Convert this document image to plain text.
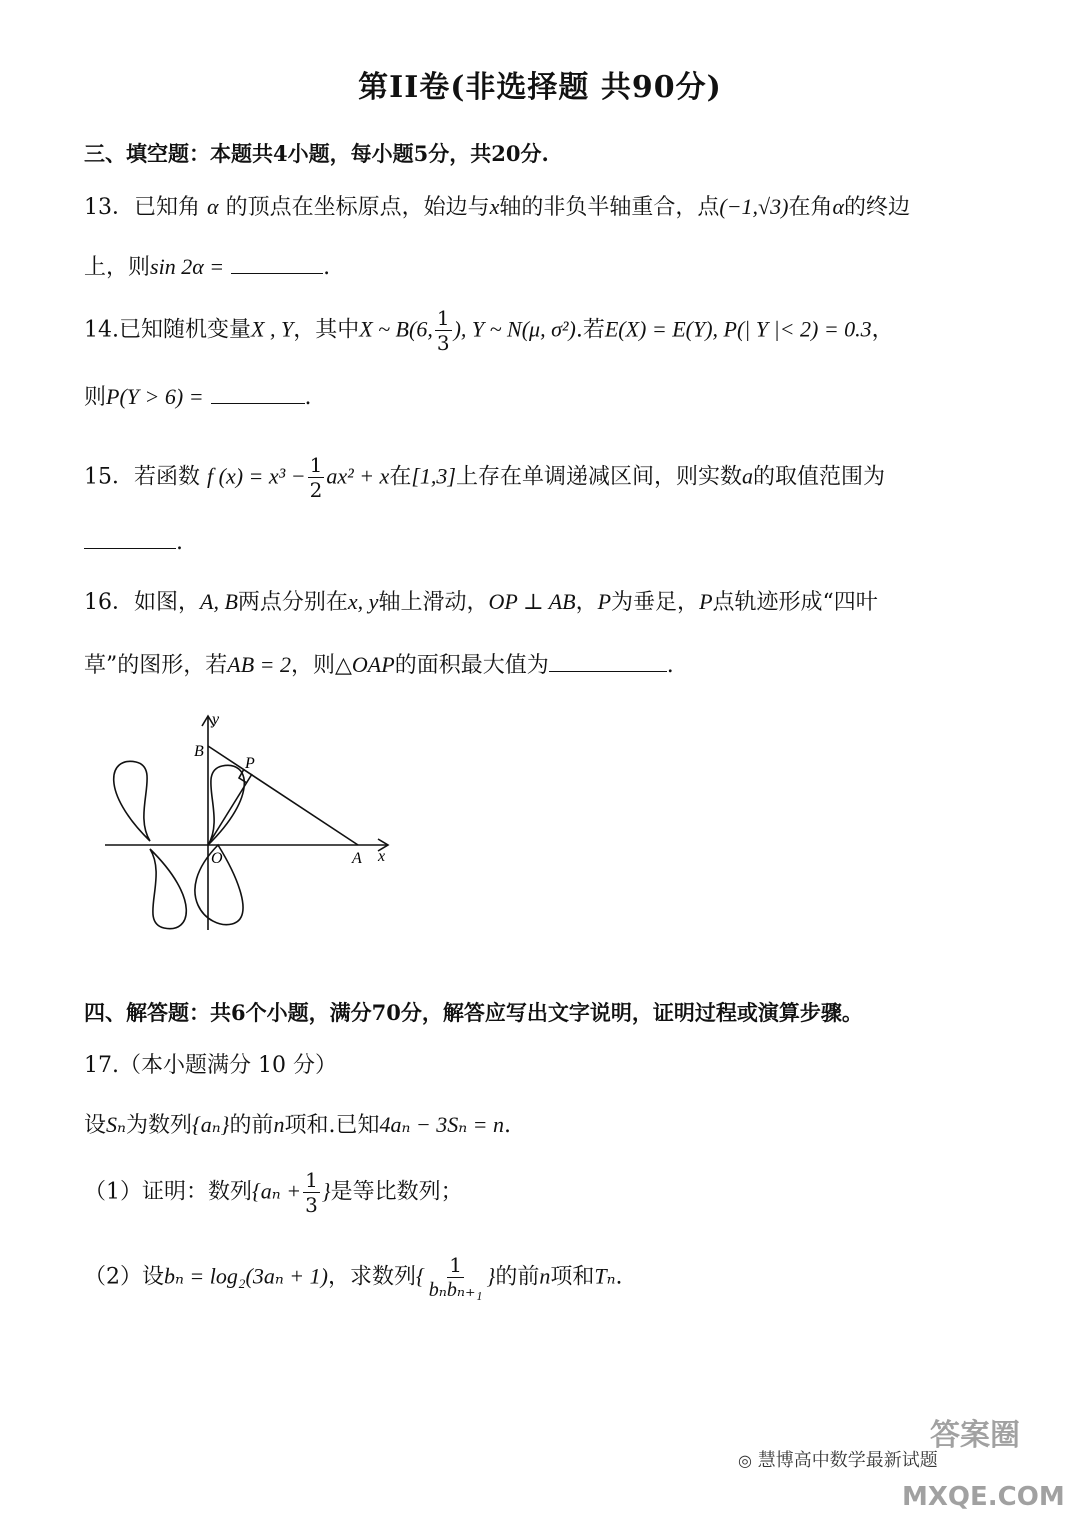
第II卷(非选择题 共90分)
三、填空题：本题共4小题，每小题5分，共20分.
13．已知角 α 的顶点在坐标原点，始边与x轴的非负半轴重合，点(−1,√3)在角α的终边
上，则sin 2α =	.
14.已知随机变量X , Y，其中X ~ B(6, $\frac{1}{3}$ ), Y ~ N(μ, σ²).若E(X) = E(Y), P(| Y |< 2) = 0.3，
则P(Y > 6) =	.
15．若函数 f $(x) = x^3 - \frac{1}{2} ax^2 + x$在[1,3]上存在单调递减区间，则实数a的取值范围为
.
16．如图，A, B两点分别在x, y轴上滑动，OP ⊥ AB，P为垂足，P点轨迹形成“四叶
草”的图形，若AB = 2，则△OAP的面积最大值为	.
y
B
P
O	A x
四、解答题：共6个小题，满分70分，解答应写出文字说明，证明过程或演算步骤。
17.（本小题满分 10 分）
设Sₙ为数列{aₙ}的前n项和.已知4aₙ − 3Sₙ = n.
（1）证明：数列{$a_n + \frac{1}{3}$ }是等比数列；
（2）设bₙ = log₂(3aₙ + 1)，求数列{ $\frac{1}{\text{bₙbₙ₊₁}}$ }的前n项和Tₙ.
◎ 慧博高中数学最新试题
答案圈
MXQE.COM
